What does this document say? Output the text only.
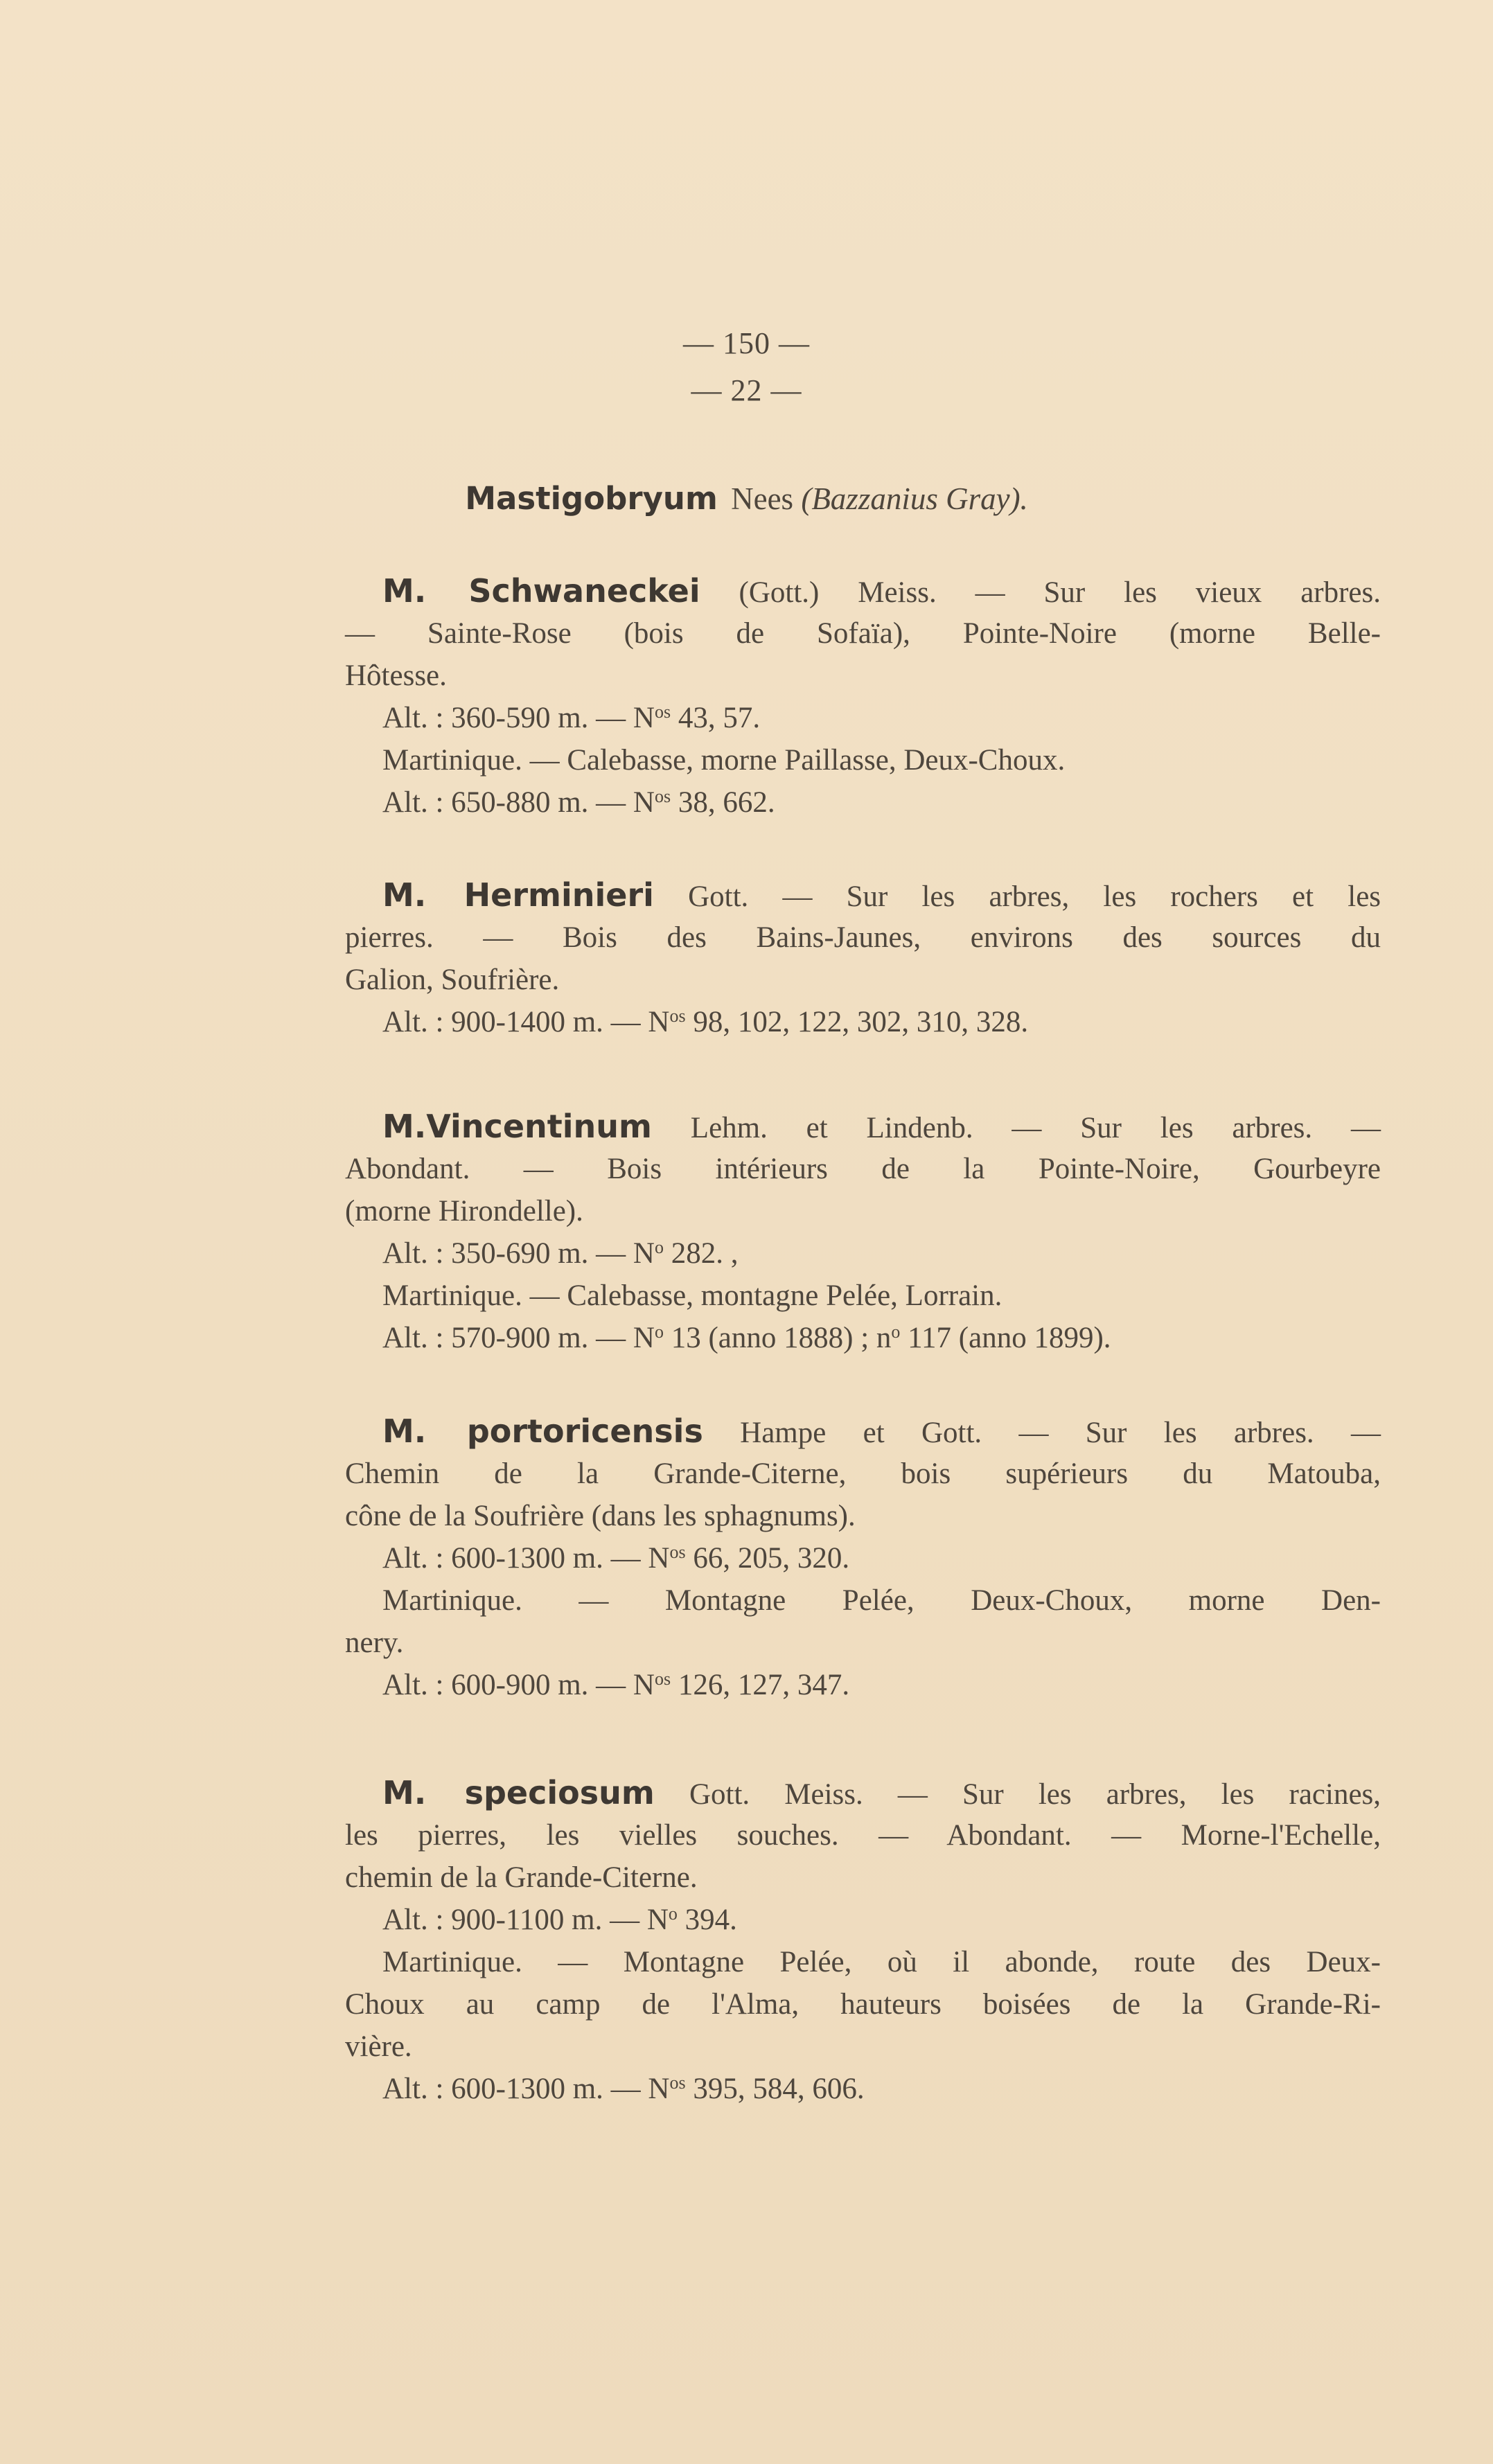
— 150 —
— 22 —
Mastigobryum Nees (Bazzanius Gray).
M. Schwaneckei (Gott.) Meiss. — Sur les vieux arbres.
— Sainte-Rose (bois de Sofaïa), Pointe-Noire (morne Belle-
Hôtesse.
Alt. : 360-590 m. — $N^{os}$ 43, 57.
Martinique. — Calebasse, morne Paillasse, Deux-Choux.
Alt. : 650-880 m. — $N^{os}$ 38, 662.
M. Herminieri Gott. — Sur les arbres, les rochers et les
pierres. — Bois des Bains-Jaunes, environs des sources du
Galion, Soufrière.
Alt. : 900-1400 m. — $N^{os}$ 98, 102, 122, 302, 310, 328.
M.Vincentinum Lehm. et Lindenb. — Sur les arbres. —
Abondant. — Bois intérieurs de la Pointe-Noire, Gourbeyre
(morne Hirondelle).
Alt. : 350-690 m. — $N^o$ 282. ,
Martinique. — Calebasse, montagne Pelée, Lorrain.
Alt. : 570-900 m. — $N^o$ 13 (anno 1888) ; $n^o$ 117 (anno 1899).
M. portoricensis Hampe et Gott. — Sur les arbres. —
Chemin de la Grande-Citerne, bois supérieurs du Matouba,
cône de la Soufrière (dans les sphagnums).
Alt. : 600-1300 m. — $N^{os}$ 66, 205, 320.
Martinique. — Montagne Pelée, Deux-Choux, morne Den-
nery.
Alt. : 600-900 m. — $N^{os}$ 126, 127, 347.
M. speciosum Gott. Meiss. — Sur les arbres, les racines,
les pierres, les vielles souches. — Abondant. — Morne-l'Echelle,
chemin de la Grande-Citerne.
Alt. : 900-1100 m. — $N^o$ 394.
Martinique. — Montagne Pelée, où il abonde, route des Deux-
Choux au camp de l'Alma, hauteurs boisées de la Grande-Ri-
vière.
Alt. : 600-1300 m. — $N^{os}$ 395, 584, 606.
